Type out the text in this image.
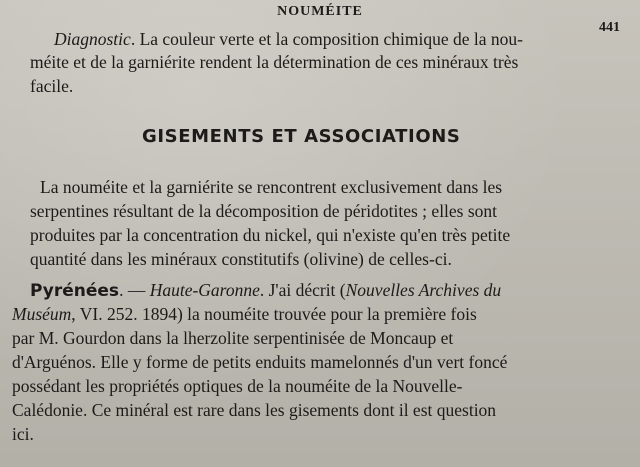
NOUMÉITE
441
Diagnostic. La couleur verte et la composition chimique de la nou-
méite et de la garniérite rendent la détermination de ces minéraux très
facile.
GISEMENTS ET ASSOCIATIONS
La nouméite et la garniérite se rencontrent exclusivement dans les
serpentines résultant de la décomposition de péridotites ; elles sont
produites par la concentration du nickel, qui n'existe qu'en très petite
quantité dans les minéraux constitutifs (olivine) de celles-ci.
Pyrénées. — Haute-Garonne. J'ai décrit (Nouvelles Archives du
Muséum, VI. 252. 1894) la nouméite trouvée pour la première fois
par M. Gourdon dans la lherzolite serpentinisée de Moncaup et
d'Arguénos. Elle y forme de petits enduits mamelonnés d'un vert foncé
possédant les propriétés optiques de la nouméite de la Nouvelle-
Calédonie. Ce minéral est rare dans les gisements dont il est question
ici.
